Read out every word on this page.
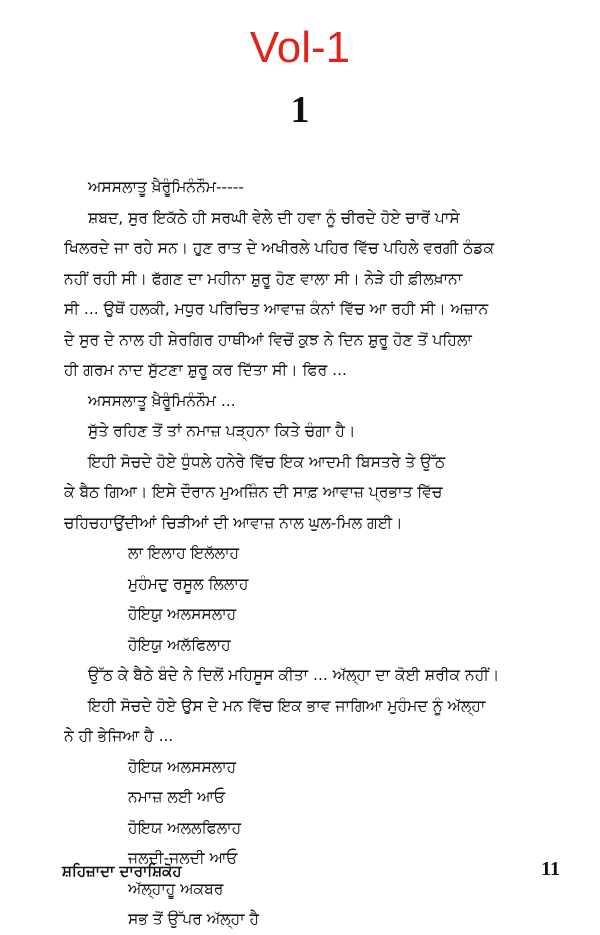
Vol-1
1
ਅਸਸਲਾਤੂ ਖ਼ੈਰੂੰਮਿਨੰਨੌਮ-----
ਸ਼ਬਦ, ਸੁਰ ਇਕੱਠੇ ਹੀ ਸਰਘੀ ਵੇਲੇ ਦੀ ਹਵਾ ਨੂੰ ਚੀਰਦੇ ਹੋਏ ਚਾਰੋਂ ਪਾਸੇ
ਖਿਲਰਦੇ ਜਾ ਰਹੇ ਸਨ। ਹੁਣ ਰਾਤ ਦੇ ਅਖੀਰਲੇ ਪਹਿਰ ਵਿੱਚ ਪਹਿਲੇ ਵਰਗੀ ਠੰਡਕ
ਨਹੀਂ ਰਹੀ ਸੀ। ਫੱਗਣ ਦਾ ਮਹੀਨਾ ਸ਼ੁਰੂ ਹੋਣ ਵਾਲਾ ਸੀ। ਨੇੜੇ ਹੀ ਫ਼ੀਲਖ਼ਾਨਾ
ਸੀ ... ਉਥੋਂ ਹਲਕੀ, ਮਧੁਰ ਪਰਿਚਿਤ ਆਵਾਜ਼ ਕੰਨਾਂ ਵਿੱਚ ਆ ਰਹੀ ਸੀ। ਅਜ਼ਾਨ
ਦੇ ਸੁਰ ਦੇ ਨਾਲ ਹੀ ਸ਼ੇਰਗਿਰ ਹਾਥੀਆਂ ਵਿਚੋਂ ਕੁਝ ਨੇ ਦਿਨ ਸ਼ੁਰੂ ਹੋਣ ਤੋਂ ਪਹਿਲਾ
ਹੀ ਗਰਮ ਨਾਦ ਸੁੱਟਣਾ ਸ਼ੁਰੂ ਕਰ ਦਿੱਤਾ ਸੀ। ਫਿਰ ...
ਅਸਸਲਾਤੂ ਖ਼ੈਰੂੰਮਿਨੰਨੌਮ ...
ਸੁੱਤੇ ਰਹਿਣ ਤੋਂ ਤਾਂ ਨਮਾਜ਼ ਪੜ੍ਹਨਾ ਕਿਤੇ ਚੰਗਾ ਹੈ।
ਇਹੀ ਸੋਚਦੇ ਹੋਏ ਧੁੰਧਲੇ ਹਨੇਰੇ ਵਿੱਚ ਇਕ ਆਦਮੀ ਬਿਸਤਰੇ ਤੇ ਉੱਠ
ਕੇ ਬੈਠ ਗਿਆ। ਇਸੇ ਦੌਰਾਨ ਮੁਅਜ਼ਿੰਨ ਦੀ ਸਾਫ਼ ਆਵਾਜ਼ ਪ੍ਰਭਾਤ ਵਿੱਚ
ਚਹਿਚਹਾਉਂਦੀਆਂ ਚਿੜੀਆਂ ਦੀ ਆਵਾਜ਼ ਨਾਲ ਘੁਲ-ਮਿਲ ਗਈ।
ਲਾ ਇਲਾਹ ਇਲੱਲਾਹ
ਮੁਹੰਮਦੁ ਰਸੂਲ ਲਿਲਾਹ
ਹੋਇਯੁ ਅਲਸਸਲਾਹ
ਹੋਇਯੁ ਅਲੱਫਿਲਾਹ
ਉੱਠ ਕੇ ਬੈਠੇ ਬੰਦੇ ਨੇ ਦਿਲੋਂ ਮਹਿਸੂਸ ਕੀਤਾ ... ਅੱਲ੍ਹਾ ਦਾ ਕੋਈ ਸ਼ਰੀਕ ਨਹੀਂ।
ਇਹੀ ਸੋਚਦੇ ਹੋਏ ਉਸ ਦੇ ਮਨ ਵਿੱਚ ਇਕ ਭਾਵ ਜਾਗਿਆ ਮੁਹੰਮਦ ਨੂੰ ਅੱਲ੍ਹਾ
ਨੇ ਹੀ ਭੇਜਿਆ ਹੈ ...
ਹੋਇਯ ਅਲਸਸਲਾਹ
ਨਮਾਜ਼ ਲਈ ਆਓ
ਹੋਇਯ ਅਲਲਫਿਲਾਹ
ਜਲਦੀ-ਜਲਦੀ ਆਓ
ਅੱਲ੍ਹਾਹੂ ਅਕਬਰ
ਸਭ ਤੋਂ ਉੱਪਰ ਅੱਲ੍ਹਾ ਹੈ
ਸ਼ਹਿਜ਼ਾਦਾ ਦਾਰਾਸ਼ਿਕੋਹ	11
